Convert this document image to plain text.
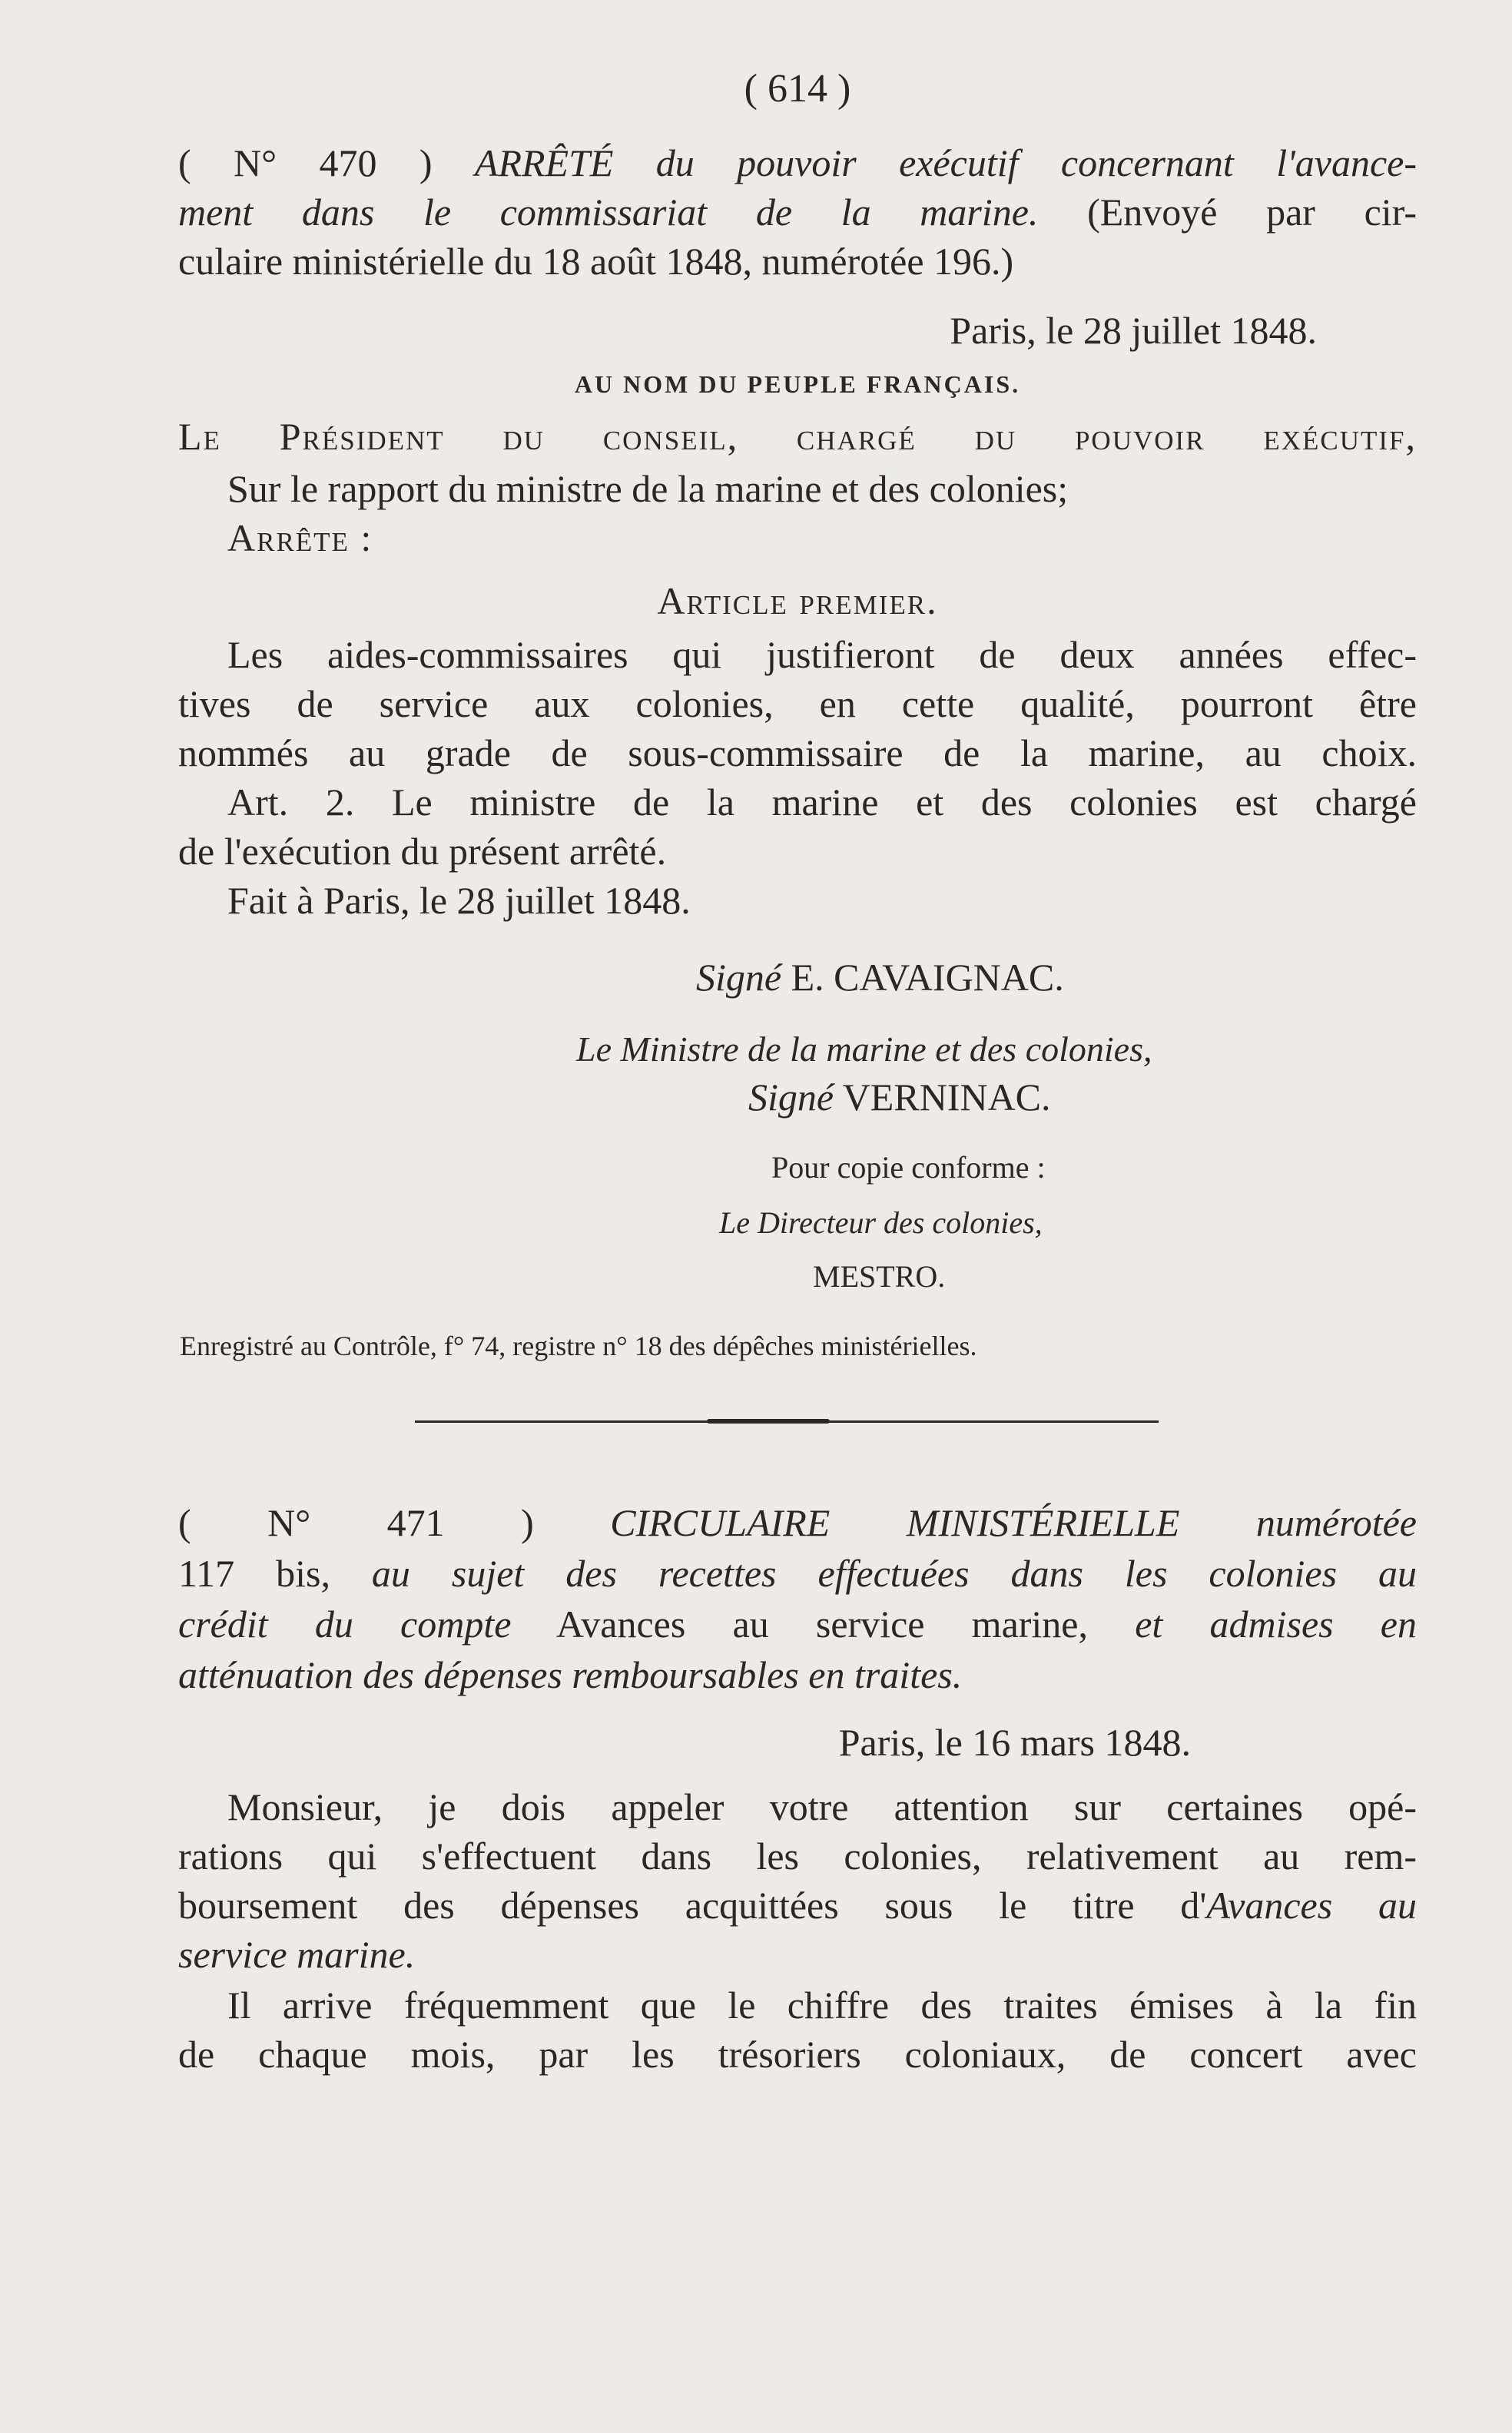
( 614 )

( N° 470 ) ARRÊTÉ du pouvoir exécutif concernant l'avance-

ment dans le commissariat de la marine. (Envoyé par cir-

culaire ministérielle du 18 août 1848, numérotée 196.)

Paris, le 28 juillet 1848.

AU NOM DU PEUPLE FRANÇAIS.

Le Président du conseil, chargé du pouvoir exécutif,

Sur le rapport du ministre de la marine et des colonies;

Arrête :

Article premier.

Les aides-commissaires qui justifieront de deux années effec-

tives de service aux colonies, en cette qualité, pourront être

nommés au grade de sous-commissaire de la marine, au choix.

Art. 2. Le ministre de la marine et des colonies est chargé

de l'exécution du présent arrêté.

Fait à Paris, le 28 juillet 1848.

Signé E. CAVAIGNAC.

Le Ministre de la marine et des colonies,

Signé VERNINAC.

Pour copie conforme :

Le Directeur des colonies,

MESTRO.

Enregistré au Contrôle, f° 74, registre n° 18 des dépêches ministérielles.

( N° 471 ) CIRCULAIRE MINISTÉRIELLE numérotée

117 bis, au sujet des recettes effectuées dans les colonies au

crédit du compte Avances au service marine, et admises en

atténuation des dépenses remboursables en traites.

Paris, le 16 mars 1848.

Monsieur, je dois appeler votre attention sur certaines opé-

rations qui s'effectuent dans les colonies, relativement au rem-

boursement des dépenses acquittées sous le titre d'Avances au

service marine.

Il arrive fréquemment que le chiffre des traites émises à la fin

de chaque mois, par les trésoriers coloniaux, de concert avec
